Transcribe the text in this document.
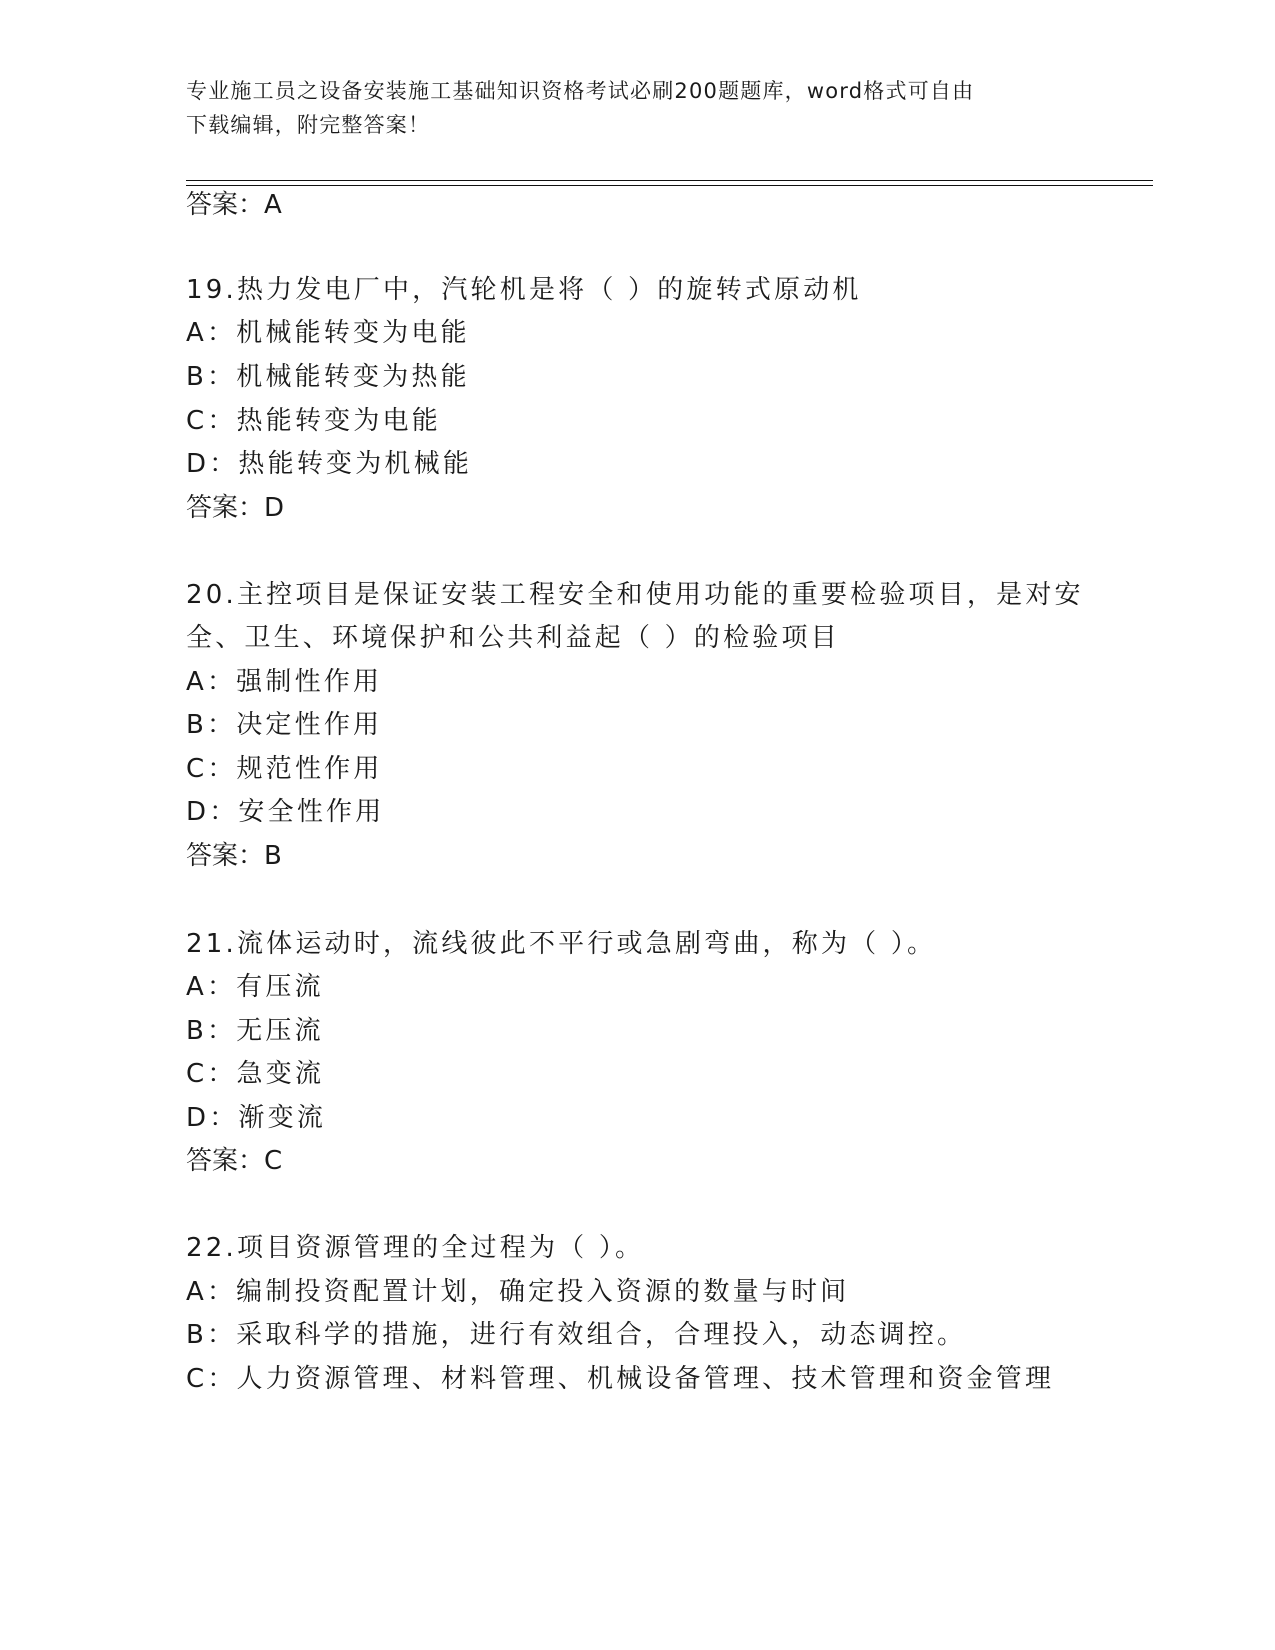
专业施工员之设备安装施工基础知识资格考试必刷200题题库，word格式可自由
下载编辑，附完整答案！
答案：A
19.热力发电厂中，汽轮机是将（ ）的旋转式原动机
A：机械能转变为电能
B：机械能转变为热能
C：热能转变为电能
D：热能转变为机械能
答案：D
20.主控项目是保证安装工程安全和使用功能的重要检验项目，是对安
全、卫生、环境保护和公共利益起（ ）的检验项目
A：强制性作用
B：决定性作用
C：规范性作用
D：安全性作用
答案：B
21.流体运动时，流线彼此不平行或急剧弯曲，称为（ ）。
A：有压流
B：无压流
C：急变流
D：渐变流
答案：C
22.项目资源管理的全过程为（ ）。
A：编制投资配置计划，确定投入资源的数量与时间
B：采取科学的措施，进行有效组合，合理投入，动态调控。
C：人力资源管理、材料管理、机械设备管理、技术管理和资金管理
